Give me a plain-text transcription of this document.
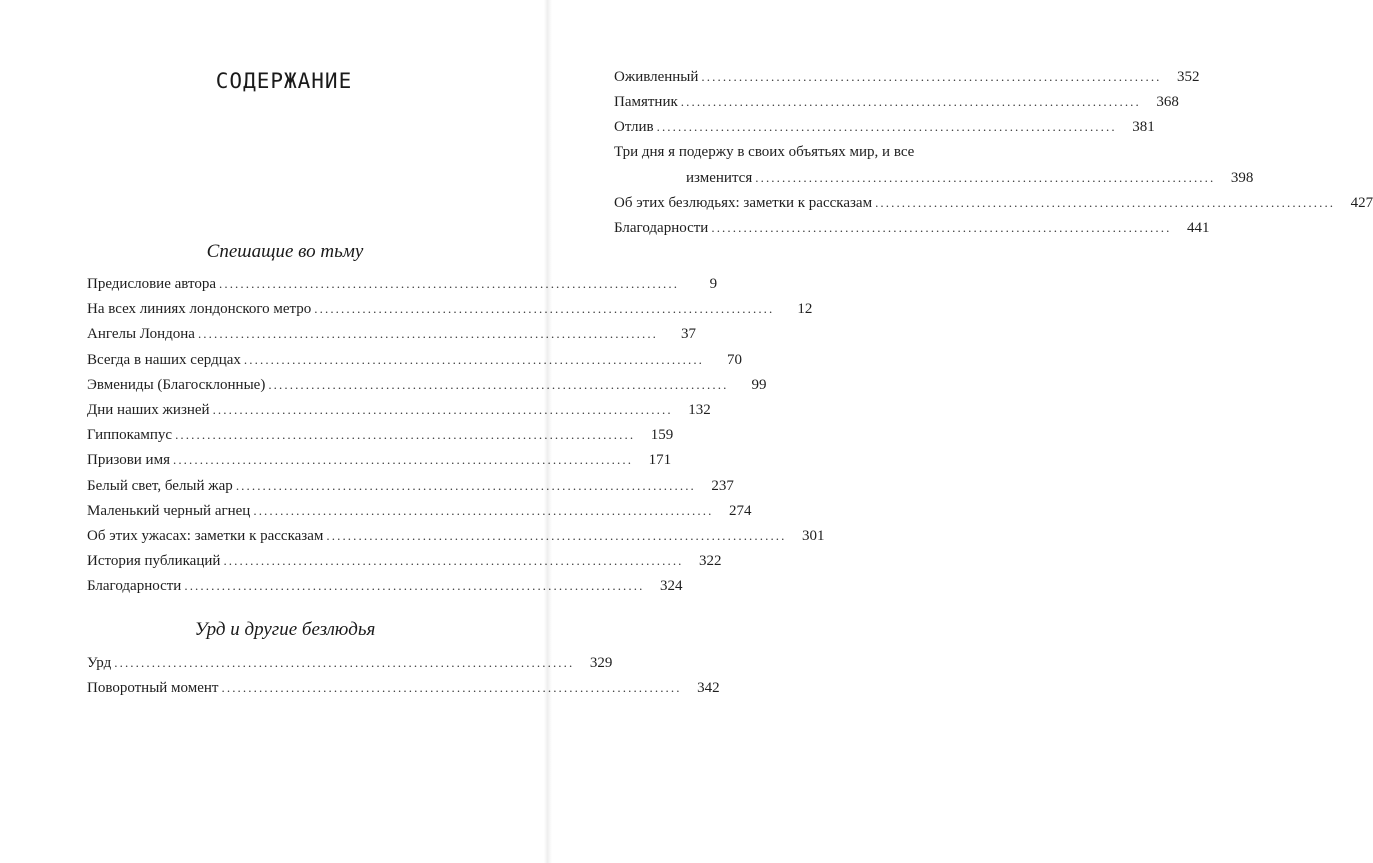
СОДЕРЖАНИЕ
Спешащие во тьму
Предисловие автора ......................................................................................	9
На всех линиях лондонского метро ......................................................................................	12
Ангелы Лондона ......................................................................................	37
Всегда в наших сердцах ......................................................................................	70
Эвмениды (Благосклонные) ......................................................................................	99
Дни наших жизней ...................................................................................... 132
Гиппокампус ...................................................................................... 159
Призови имя ...................................................................................... 171
Белый свет, белый жар ...................................................................................... 237
Маленький черный агнец ...................................................................................... 274
Об этих ужасах: заметки к рассказам ...................................................................................... 301
История публикаций ...................................................................................... 322
Благодарности ...................................................................................... 324
Урд и другие безлюдья
Урд ...................................................................................... 329
Поворотный момент ...................................................................................... 342
Оживленный ...................................................................................... 352
Памятник ...................................................................................... 368
Отлив ...................................................................................... 381
Три дня я подержу в своих объятьях мир, и все
изменится ...................................................................................... 398
Об этих безлюдьях: заметки к рассказам ...................................................................................... 427
Благодарности ...................................................................................... 441
